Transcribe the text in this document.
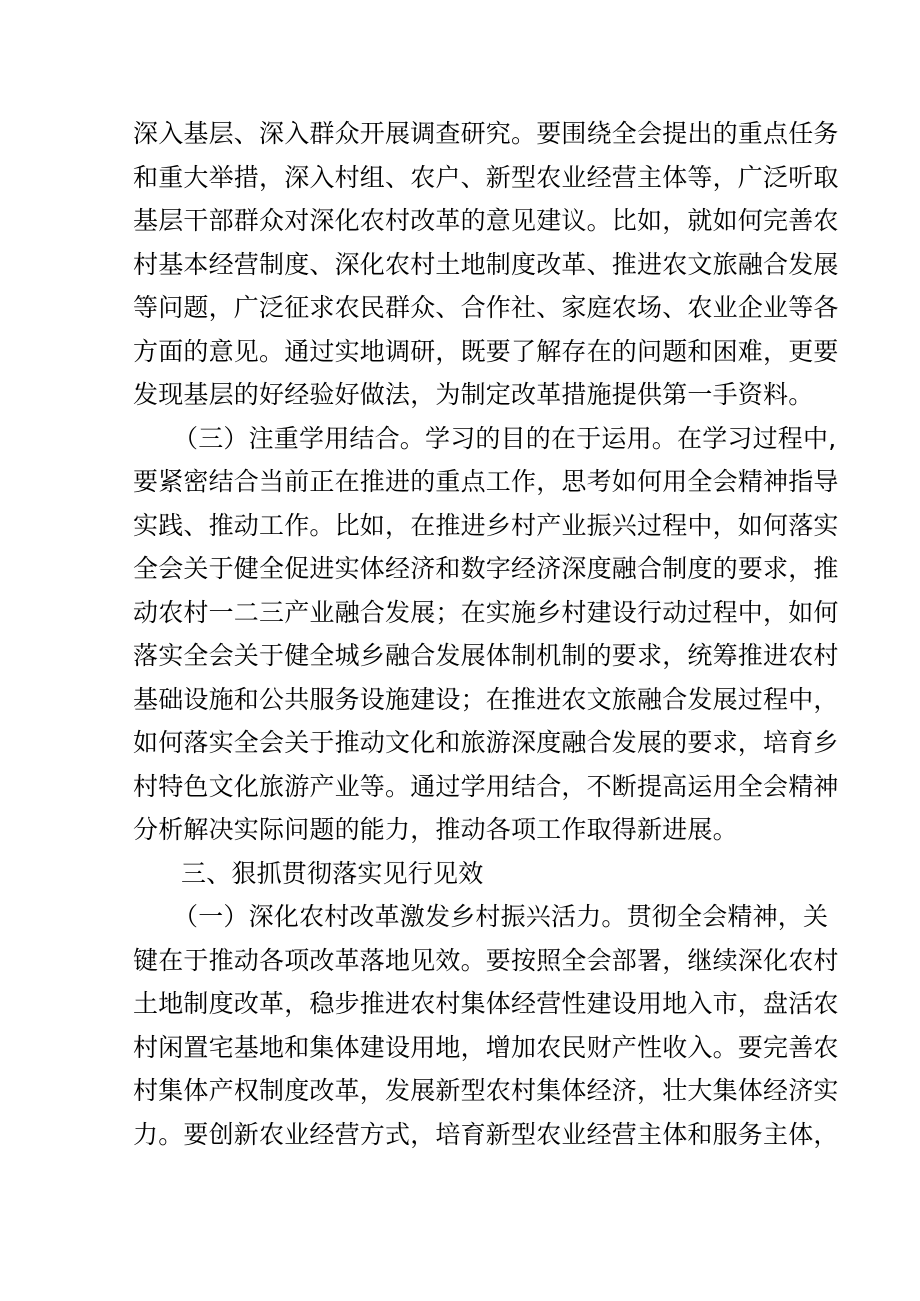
深入基层、深入群众开展调查研究。要围绕全会提出的重点任务
和重大举措，深入村组、农户、新型农业经营主体等，广泛听取
基层干部群众对深化农村改革的意见建议。比如，就如何完善农
村基本经营制度、深化农村土地制度改革、推进农文旅融合发展
等问题，广泛征求农民群众、合作社、家庭农场、农业企业等各
方面的意见。通过实地调研，既要了解存在的问题和困难，更要
发现基层的好经验好做法，为制定改革措施提供第一手资料。
（三）注重学用结合。学习的目的在于运用。在学习过程中,
要紧密结合当前正在推进的重点工作，思考如何用全会精神指导
实践、推动工作。比如，在推进乡村产业振兴过程中，如何落实
全会关于健全促进实体经济和数字经济深度融合制度的要求，推
动农村一二三产业融合发展；在实施乡村建设行动过程中，如何
落实全会关于健全城乡融合发展体制机制的要求，统筹推进农村
基础设施和公共服务设施建设；在推进农文旅融合发展过程中，
如何落实全会关于推动文化和旅游深度融合发展的要求，培育乡
村特色文化旅游产业等。通过学用结合，不断提高运用全会精神
分析解决实际问题的能力，推动各项工作取得新进展。
三、狠抓贯彻落实见行见效
（一）深化农村改革激发乡村振兴活力。贯彻全会精神，关
键在于推动各项改革落地见效。要按照全会部署，继续深化农村
土地制度改革，稳步推进农村集体经营性建设用地入市，盘活农
村闲置宅基地和集体建设用地，增加农民财产性收入。要完善农
村集体产权制度改革，发展新型农村集体经济，壮大集体经济实
力。要创新农业经营方式，培育新型农业经营主体和服务主体，
